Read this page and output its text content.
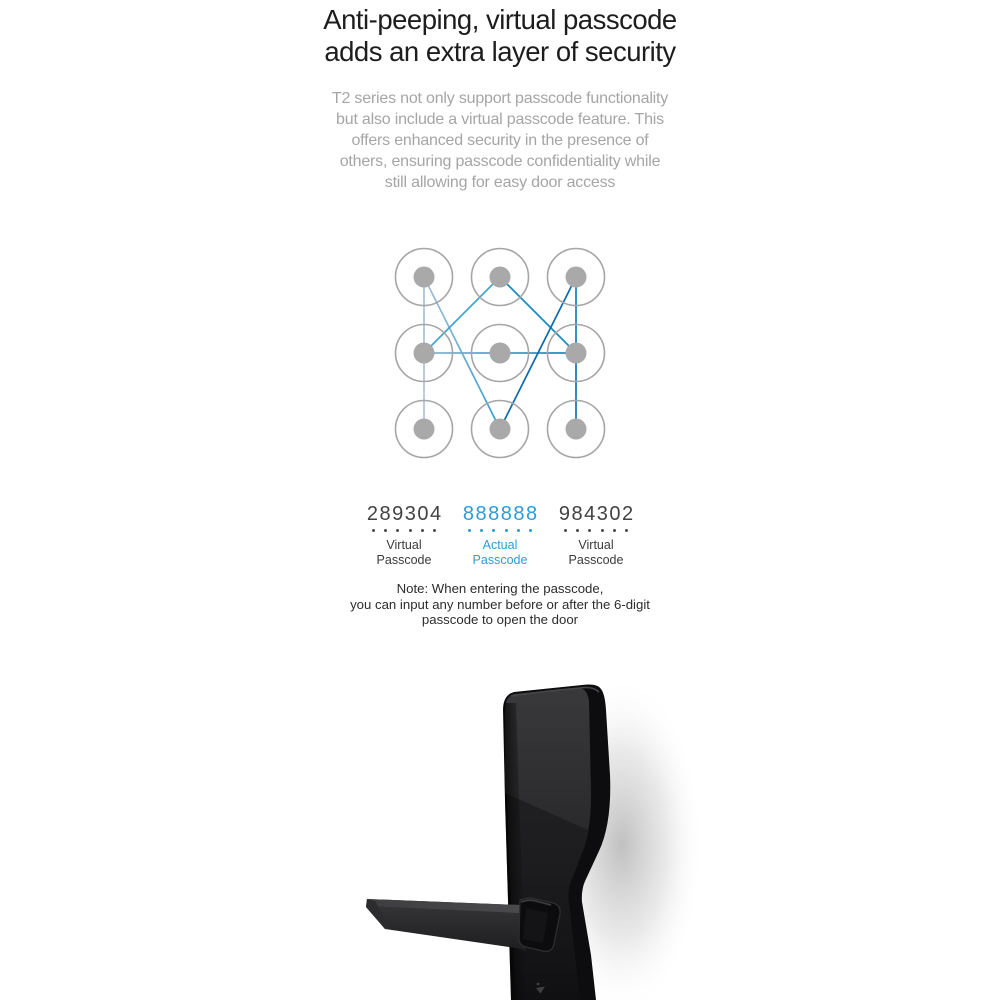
Anti-peeping, virtual passcode
adds an extra layer of security
T2 series not only support passcode functionality
but also include a virtual passcode feature. This
offers enhanced security in the presence of
others, ensuring passcode confidentiality while
still allowing for easy door access
289304
Virtual
Passcode
888888
Actual
Passcode
984302
Virtual
Passcode
Note: When entering the passcode,
you can input any number before or after the 6-digit
passcode to open the door
